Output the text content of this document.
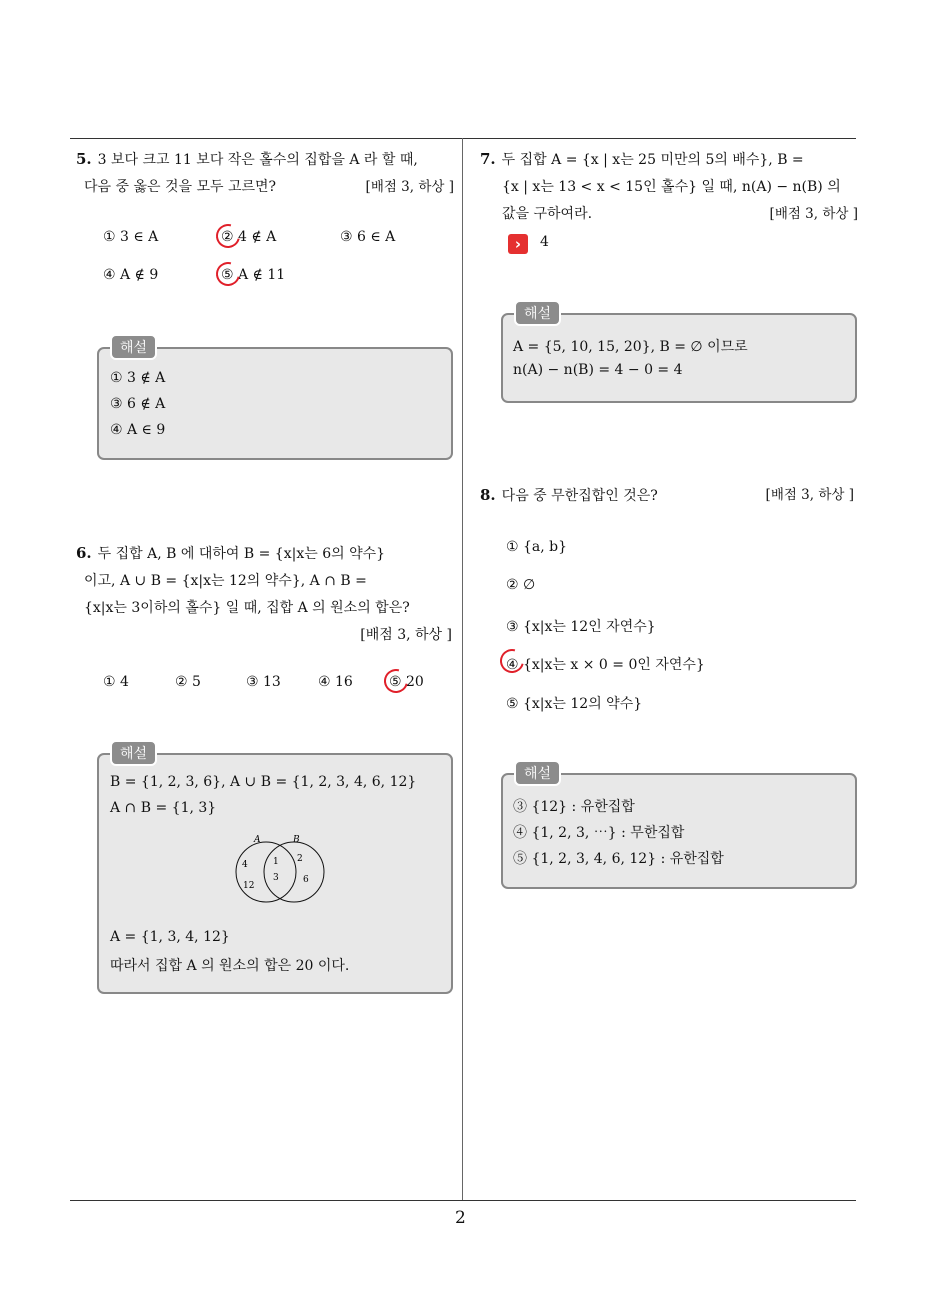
2
5. 3 보다 크고 11 보다 작은 홀수의 집합을 A 라 할 때,
다음 중 옳은 것을 모두 고르면?	[배점 3, 하상 ]
① 3 ∈ A	② 4 ∉ A	③ 6 ∈ A
④ A ∉ 9	⑤ A ∉ 11
해설
① 3 ∉ A
③ 6 ∉ A
④ A ∈ 9
6. 두 집합 A, B 에 대하여 B = {x|x는 6의 약수}
이고, A ∪ B = {x|x는 12의 약수}, A ∩ B =
{x|x는 3이하의 홀수} 일 때, 집합 A 의 원소의 합은?
[배점 3, 하상 ]
① 4	② 5	③ 13	④ 16	⑤ 20
해설
B = {1, 2, 3, 6}, A ∪ B = {1, 2, 3, 4, 6, 12}
A ∩ B = {1, 3}
A	B
4
12
1
3
2
6
A = {1, 3, 4, 12}
따라서 집합 A 의 원소의 합은 20 이다.
7. 두 집합 A = {x | x는 25 미만의 5의 배수}, B =
{x | x는 13 < x < 15인 홀수} 일 때, n(A) − n(B) 의
값을 구하여라.	[배점 3, 하상 ]
›	4
해설
A = {5, 10, 15, 20}, B = ∅ 이므로
n(A) − n(B) = 4 − 0 = 4
8. 다음 중 무한집합인 것은?	[배점 3, 하상 ]
① {a, b}
② ∅
③ {x|x는 12인 자연수}
④ {x|x는 x × 0 = 0인 자연수}
⑤ {x|x는 12의 약수}
해설
③ {12} : 유한집합
④ {1, 2, 3, ⋯} : 무한집합
⑤ {1, 2, 3, 4, 6, 12} : 유한집합
